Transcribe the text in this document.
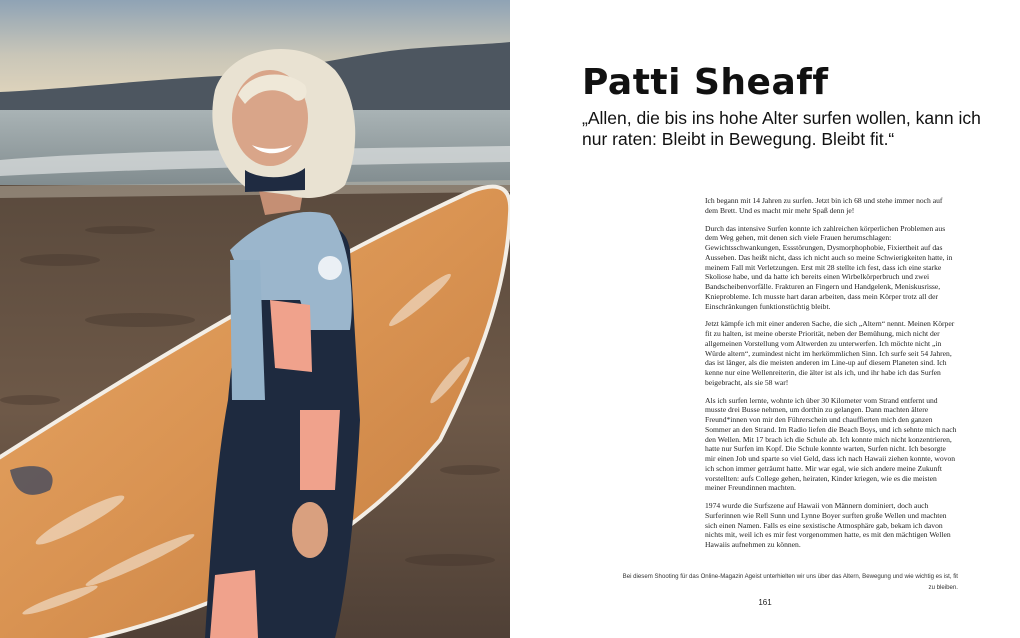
Patti Sheaff

„Allen, die bis ins hohe Alter surfen wollen, kann ich nur raten: Bleibt in Bewegung. Bleibt fit.“

Ich begann mit 14 Jahren zu surfen. Jetzt bin ich 68 und stehe immer noch auf dem Brett. Und es macht mir mehr Spaß denn je!

Durch das intensive Surfen konnte ich zahlreichen körperlichen Problemen aus dem Weg gehen, mit denen sich viele Frauen herumschlagen: Gewichtsschwankungen, Essstörungen, Dysmorphophobie, Fixiertheit auf das Aussehen. Das heißt nicht, dass ich nicht auch so meine Schwierigkeiten hatte, in meinem Fall mit Verletzungen. Erst mit 28 stellte ich fest, dass ich eine starke Skoliose habe, und da hatte ich bereits einen Wirbelkörperbruch und zwei Bandscheibenvorfälle. Frakturen an Fingern und Handgelenk, Meniskusrisse, Knieprobleme. Ich musste hart daran arbeiten, dass mein Körper trotz all der Einschränkungen funktionstüchtig bleibt.

Jetzt kämpfe ich mit einer anderen Sache, die sich „Altern“ nennt. Meinen Körper fit zu halten, ist meine oberste Priorität, neben der Bemühung, mich nicht der allgemeinen Vorstellung vom Altwerden zu unterwerfen. Ich möchte nicht „in Würde altern“, zumindest nicht im herkömmlichen Sinn. Ich surfe seit 54 Jahren, das ist länger, als die meisten anderen im Line-up auf diesem Planeten sind. Ich kenne nur eine Wellenreiterin, die älter ist als ich, und ihr habe ich das Surfen beigebracht, als sie 58 war!

Als ich surfen lernte, wohnte ich über 30 Kilometer vom Strand entfernt und musste drei Busse nehmen, um dorthin zu gelangen. Dann machten ältere Freund*innen von mir den Führerschein und chauffierten mich den ganzen Sommer an den Strand. Im Radio liefen die Beach Boys, und ich sehnte mich nach den Wellen. Mit 17 brach ich die Schule ab. Ich konnte mich nicht konzentrieren, hatte nur Surfen im Kopf. Die Schule konnte warten, Surfen nicht. Ich besorgte mir einen Job und sparte so viel Geld, dass ich nach Hawaii ziehen konnte, wovon ich schon immer geträumt hatte. Mir war egal, wie sich andere meine Zukunft vorstellten: aufs College gehen, heiraten, Kinder kriegen, wie es die meisten meiner Freundinnen machten.

1974 wurde die Surfszene auf Hawaii von Männern dominiert, doch auch Surferinnen wie Rell Sunn und Lynne Boyer surften große Wellen und machten sich einen Namen. Falls es eine sexistische Atmosphäre gab, bekam ich davon nichts mit, weil ich es mir fest vorgenommen hatte, es mit den mächtigen Wellen Hawaiis aufnehmen zu können.

Bei diesem Shooting für das Online-Magazin Ageist unterhielten wir uns über das Altern, Bewegung und wie wichtig es ist, fit zu bleiben.

161
